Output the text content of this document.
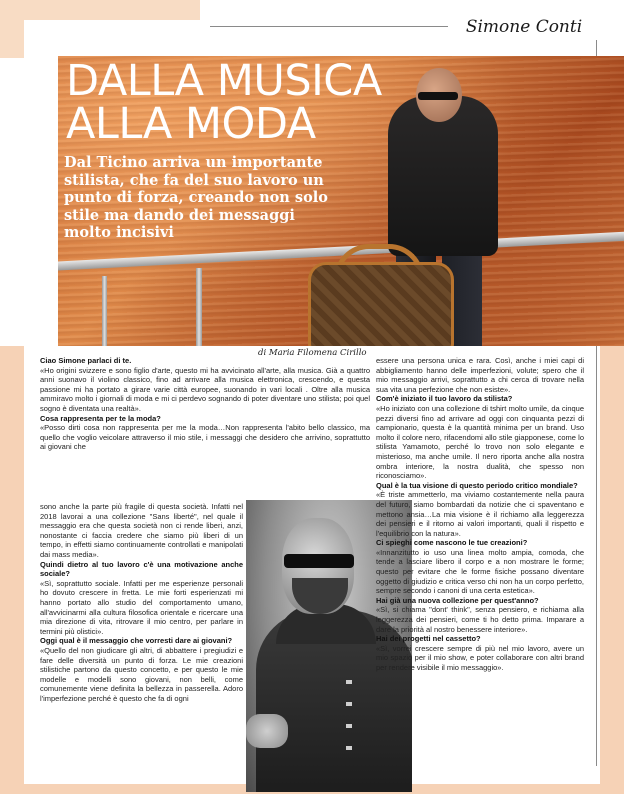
Simone Conti
DALLA MUSICA
ALLA MODA

Dal Ticino arriva un importante stilista, che fa del suo lavoro un punto di forza, creando non solo stile ma dando dei messaggi molto incisivi

di Maria Filomena Cirillo

Ciao Simone parlaci di te.

«Ho origini svizzere e sono figlio d'arte, questo mi ha avvicinato all'arte, alla musica. Già a quattro anni suonavo il violino classico, fino ad arrivare alla musica elettronica, crescendo, e questa passione mi ha portato a girare varie città europee, suonando in vari locali . Oltre alla musica ammiravo molto i giornali di moda e mi ci perdevo sognando di poter diventare uno stilista; poi quel sogno è diventata una realtà».

Cosa rappresenta per te la moda?

«Posso dirti cosa non rappresenta per me la moda…Non rappresenta l'abito bello classico, ma quello che voglio veicolare attraverso il mio stile, i messaggi che desidero che arrivino, soprattutto ai giovani che

sono anche la parte più fragile di questa società. Infatti nel 2018 lavorai a una collezione "Sans liberté", nel quale il messaggio era che questa società non ci rende liberi, anzi, nonostante ci faccia credere che siamo più liberi di un tempo, in effetti siamo continuamente controllati e manipolati dai mass media».

Quindi dietro al tuo lavoro c'è una motivazione anche sociale?

«Sì, soprattutto sociale. Infatti per me esperienze personali ho dovuto crescere in fretta. Le mie forti esperienzati mi hanno portato allo studio del comportamento umano, all'avvicinarmi alla cultura filosofica orientale e ricercare una mia direzione di vita, ritrovare il mio centro, per parlare in termini più olistici».

Oggi qual è il messaggio che vorresti dare ai giovani?

«Quello del non giudicare gli altri, di abbattere i pregiudizi e fare delle diversità un punto di forza. Le mie creazioni stilistiche partono da questo concetto, e per questo le mie modelle e modelli sono giovani, non belli, come comunemente viene definita la bellezza in passerella. Adoro l'imperfezione perché è questo che fa di ogni

essere una persona unica e rara. Così, anche i miei capi di abbigliamento hanno delle imperfezioni, volute; spero che il mio messaggio arrivi, soprattutto a chi cerca di trovare nella sua vita una perfezione che non esiste».

Com'è iniziato il tuo lavoro da stilista?

«Ho iniziato con una collezione di tshirt molto umile, da cinque pezzi diversi fino ad arrivare ad oggi con cinquanta pezzi di campionario, questa è la quantità minima per un brand. Uso molto il colore nero, rifacendomi allo stile giapponese, come lo stilista Yamamoto, perché lo trovo non solo elegante e misterioso, ma anche umile. Il nero riporta anche alla nostra ombra interiore, la nostra dualità, che spesso non riconosciamo».

Qual è la tua visione di questo periodo critico mondiale?

«È triste ammetterlo, ma viviamo costantemente nella paura del futuro, siamo bombardati da notizie che ci spaventano e mettono ansia…La mia visione è il richiamo alla leggerezza dei pensieri e il ritorno ai valori importanti, quali il rispetto e l'equilibrio con la natura».

Ci spieghi come nascono le tue creazioni?

«Innanzitutto io uso una linea molto ampia, comoda, che tende a lasciare libero il corpo e a non mostrare le forme; questo per evitare che le forme fisiche possano diventare oggetto di giudizio e critica verso chi non ha un corpo perfetto, sempre secondo i canoni di una certa estetica».

Hai già una nuova collezione per quest'anno?

«Sì, si chiama "dont' think", senza pensiero, e richiama alla leggerezza dei pensieri, come ti ho detto prima. Imparare a dare la priorità al nostro benessere interiore».

Hai dei progetti nel cassetto?

«Sì, vorrei crescere sempre di più nel mio lavoro, avere un mio spazio per il mio show, e poter collaborare con altri brand per rendere visibile il mio messaggio».
